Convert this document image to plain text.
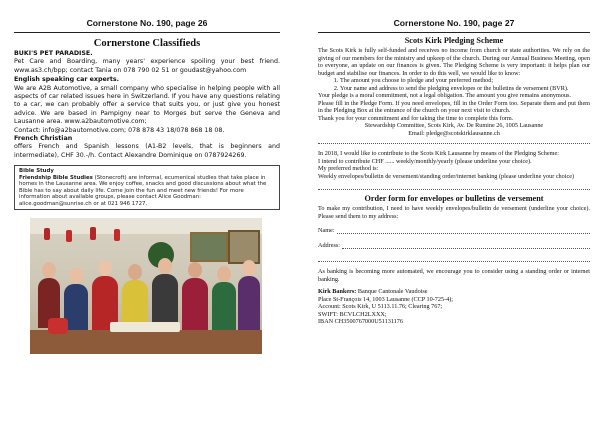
Cornerstone No. 190, page 26
Cornerstone Classifieds

BUKI'S PET PARADISE.

Pet Care and Boarding, many years' experience spoiling your best friend. www.as3.ch/bpp; contact Tania on 078 790 02 51 or goudast@yahoo.com

English speaking car experts.

We are A2B Automotive, a small company who specialise in helping people with all aspects of car related issues here in Switzerland. If you have any questions relating to a car, we can probably offer a service that suits you, or just give you honest advice. We are based in Pampigny near to Morges but serve the Geneva and Lausanne area. www.a2bautomotive.com;

Contact: info@a2bautomotive.com; 078 878 43 18/078 868 18 08.

French Christian

offers French and Spanish lessons (A1-B2 levels, that is beginners and intermediate), CHF 30.-/h. Contact Alexandre Dominique on 0787924269.

Bible Study
Friendship Bible Studies (Stonecroft) are informal, ecumenical studies that take place in homes in the Lausanne area. We enjoy coffee, snacks and good discussions about what the Bible has to say about daily life. Come join the fun and meet new friends! For more information about available groups, please contact Alice Goodman: alice.goodman@sunrise.ch or at 021 946 1727.
Cornerstone No. 190, page 27
Scots Kirk Pledging Scheme

The Scots Kirk is fully self-funded and receives no income from church or state authorities. We rely on the giving of our members for the ministry and upkeep of the church. During our Annual Business Meeting, open to everyone, an update on our finances is given. The Pledging Scheme is very important: it helps plan our budget and stabilise our finances. In order to do this well, we would like to know:

1. The amount you choose to pledge and your preferred method;
2. Your name and address to send the pledging envelopes or the bulletins de versement (BVR).

Your pledge is a moral commitment, not a legal obligation. The amount you give remains anonymous.

Please fill in the Pledge Form. If you need envelopes, fill in the Order Form too. Separate them and put them in the Pledging Box at the entrance of the church on your next visit to church.

Thank you for your commitment and for taking the time to complete this form.

Stewardship Committee, Scots Kirk, Av. De Rumine 26, 1005 Lausanne

Email: pledge@scotskirklausanne.ch

In 2018, I would like to contribute to the Scots Kirk Lausanne by means of the Pledging Scheme:

I intend to contribute CHF ...... weekly/monthly/yearly (please underline your choice).

My preferred method is:

Weekly envelopes/bulletin de versement/standing order/internet banking (please underline your choice)

Order form for envelopes or bulletins de versement

To make my contribution, I need to have weekly envelopes/bulletin de versement (underline your choice). Please send them to my address:

Name:
Address:

As banking is becoming more automated, we encourage you to consider using a standing order or internet banking.

Kirk Bankers: Banque Cantonale Vaudoise

Place St-François 14, 1003 Lausanne (CCP 10-725-4);

Account: Scots Kirk, U 5113.11.76; Clearing 767;

SWIFT: BCVLCH2LXXX;

IBAN CH3500767000U51131176
